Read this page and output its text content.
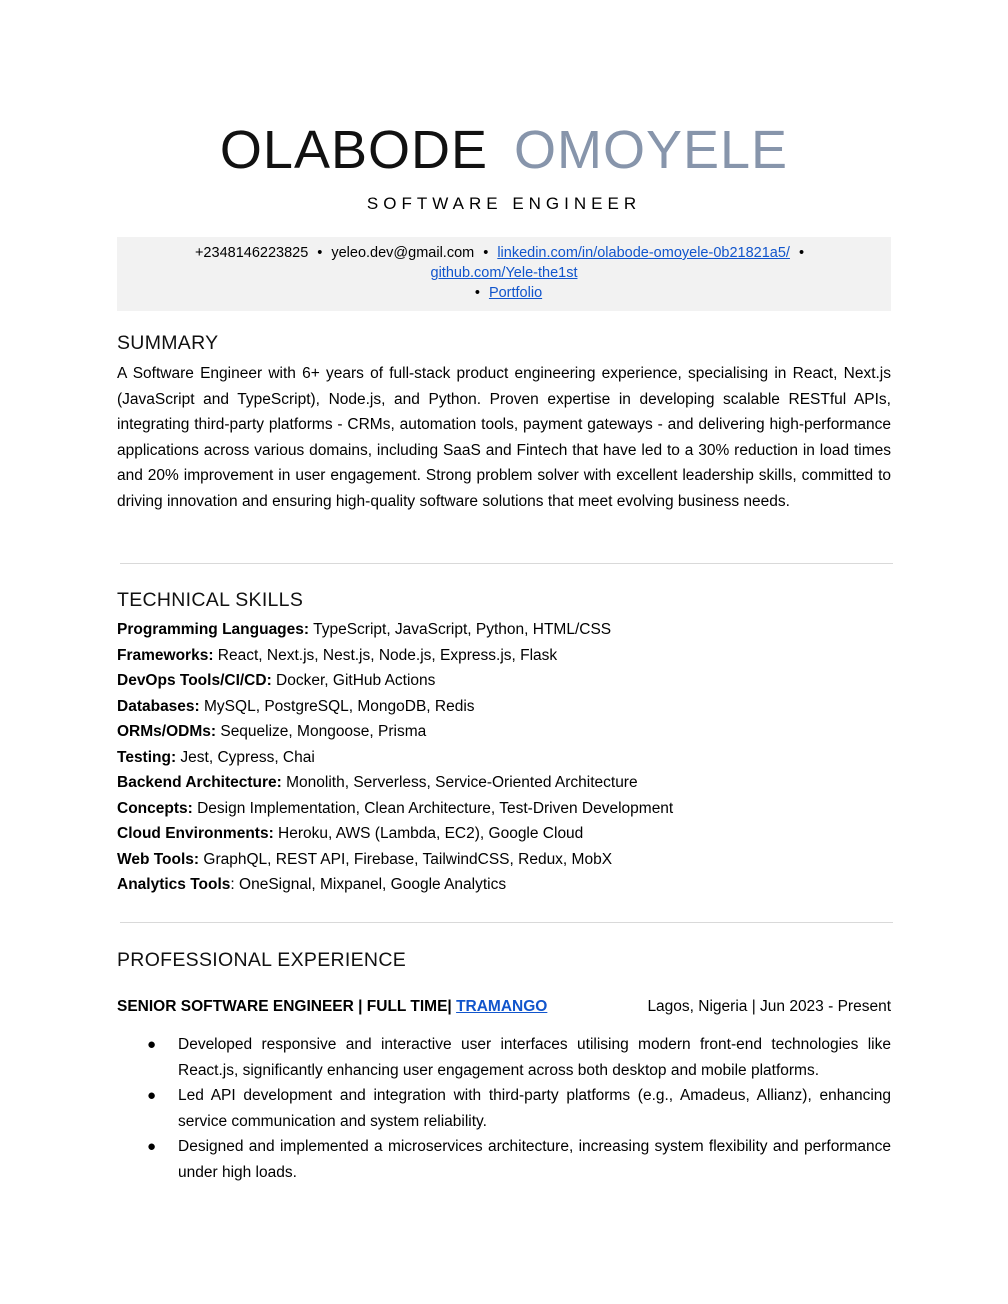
OLABODE OMOYELE
SOFTWARE ENGINEER
+2348146223825 • yeleo.dev@gmail.com • linkedin.com/in/olabode-omoyele-0b21821a5/ •
github.com/Yele-the1st
• Portfolio
SUMMARY
A Software Engineer with 6+ years of full-stack product engineering experience, specialising in React, Next.js (JavaScript and TypeScript), Node.js, and Python. Proven expertise in developing scalable RESTful APIs, integrating third-party platforms - CRMs, automation tools, payment gateways - and delivering high-performance applications across various domains, including SaaS and Fintech that have led to a 30% reduction in load times and 20% improvement in user engagement. Strong problem solver with excellent leadership skills, committed to driving innovation and ensuring high-quality software solutions that meet evolving business needs.
TECHNICAL SKILLS
Programming Languages: TypeScript, JavaScript, Python, HTML/CSS
Frameworks: React, Next.js, Nest.js, Node.js, Express.js, Flask
DevOps Tools/CI/CD: Docker, GitHub Actions
Databases: MySQL, PostgreSQL, MongoDB, Redis
ORMs/ODMs: Sequelize, Mongoose, Prisma
Testing: Jest, Cypress, Chai
Backend Architecture: Monolith, Serverless, Service-Oriented Architecture
Concepts: Design Implementation, Clean Architecture, Test-Driven Development
Cloud Environments: Heroku, AWS (Lambda, EC2), Google Cloud
Web Tools: GraphQL, REST API, Firebase, TailwindCSS, Redux, MobX
Analytics Tools: OneSignal, Mixpanel, Google Analytics
PROFESSIONAL EXPERIENCE
SENIOR SOFTWARE ENGINEER | FULL TIME| TRAMANGO	Lagos, Nigeria | Jun 2023 - Present
● Developed responsive and interactive user interfaces utilising modern front-end technologies like React.js, significantly enhancing user engagement across both desktop and mobile platforms.
● Led API development and integration with third-party platforms (e.g., Amadeus, Allianz), enhancing service communication and system reliability.
● Designed and implemented a microservices architecture, increasing system flexibility and performance under high loads.
